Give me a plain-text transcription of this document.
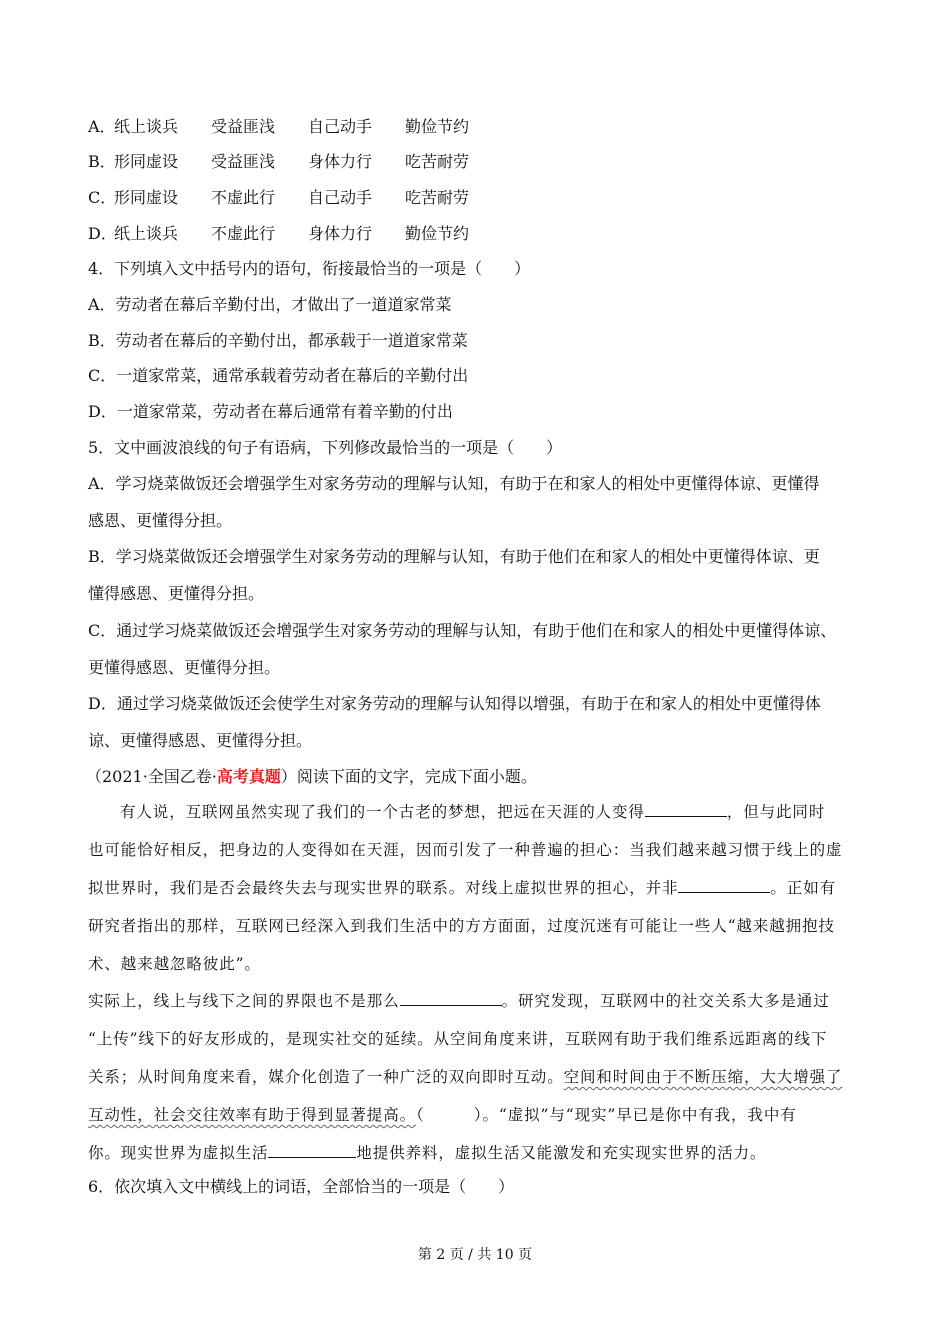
A．纸上谈兵 受益匪浅 自己动手 勤俭节约
B．形同虚设 受益匪浅 身体力行 吃苦耐劳
C．形同虚设 不虚此行 自己动手 吃苦耐劳
D．纸上谈兵 不虚此行 身体力行 勤俭节约
4．下列填入文中括号内的语句，衔接最恰当的一项是（　　）
A．劳动者在幕后辛勤付出，才做出了一道道家常菜
B．劳动者在幕后的辛勤付出，都承载于一道道家常菜
C．一道家常菜，通常承载着劳动者在幕后的辛勤付出
D．一道家常菜，劳动者在幕后通常有着辛勤的付出
5．文中画波浪线的句子有语病，下列修改最恰当的一项是（　　）
A．学习烧菜做饭还会增强学生对家务劳动的理解与认知，有助于在和家人的相处中更懂得体谅、更懂得
感恩、更懂得分担。
B．学习烧菜做饭还会增强学生对家务劳动的理解与认知，有助于他们在和家人的相处中更懂得体谅、更
懂得感恩、更懂得分担。
C．通过学习烧菜做饭还会增强学生对家务劳动的理解与认知，有助于他们在和家人的相处中更懂得体谅、
更懂得感恩、更懂得分担。
D．通过学习烧菜做饭还会使学生对家务劳动的理解与认知得以增强，有助于在和家人的相处中更懂得体
谅、更懂得感恩、更懂得分担。
（2021·全国乙卷·高考真题）阅读下面的文字，完成下面小题。
有人说，互联网虽然实现了我们的一个古老的梦想，把远在天涯的人变得	，但与此同时
也可能恰好相反，把身边的人变得如在天涯，因而引发了一种普遍的担心：当我们越来越习惯于线上的虚
拟世界时，我们是否会最终失去与现实世界的联系。对线上虚拟世界的担心，并非	。正如有
研究者指出的那样，互联网已经深入到我们生活中的方方面面，过度沉迷有可能让一些人“越来越拥抱技
术、越来越忽略彼此”。
实际上，线上与线下之间的界限也不是那么	。研究发现，互联网中的社交关系大多是通过
“上传”线下的好友形成的，是现实社交的延续。从空间角度来讲，互联网有助于我们维系远距离的线下
关系；从时间角度来看，媒介化创造了一种广泛的双向即时互动。空间和时间由于不断压缩，大大增强了
互动性，社会交往效率有助于得到显著提高。（　　　）。“虚拟”与“现实”早已是你中有我，我中有
你。现实世界为虚拟生活	地提供养料，虚拟生活又能激发和充实现实世界的活力。
6．依次填入文中横线上的词语，全部恰当的一项是（　　）
第 2 页 / 共 10 页
